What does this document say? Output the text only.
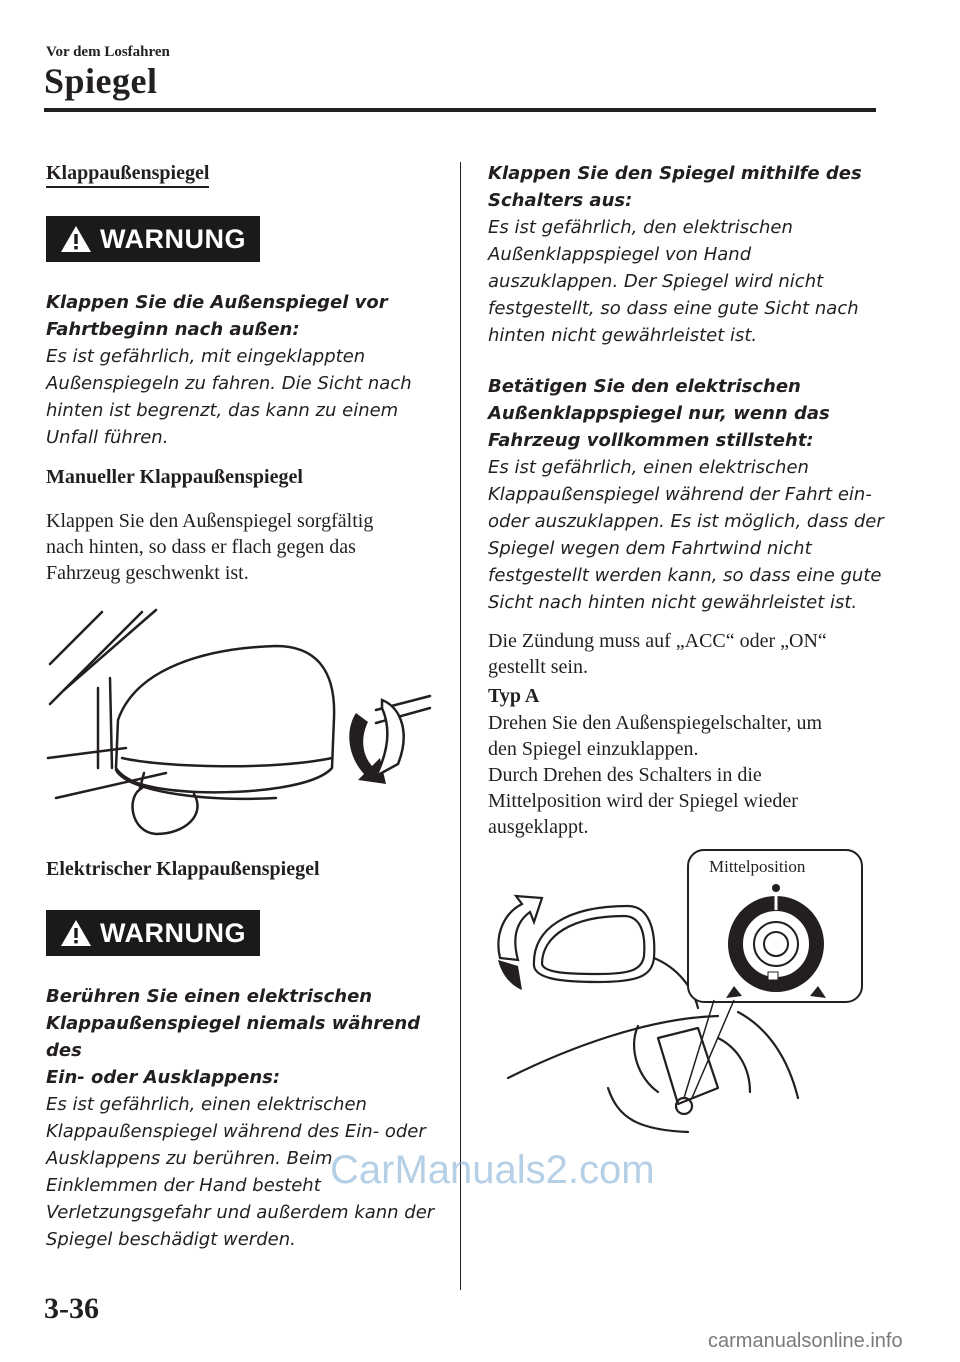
Vor dem Losfahren
Spiegel
Klappaußenspiegel
WARNUNG
Klappen Sie die Außenspiegel vor
Fahrtbeginn nach außen:
Es ist gefährlich, mit eingeklappten
Außenspiegeln zu fahren. Die Sicht nach
hinten ist begrenzt, das kann zu einem
Unfall führen.
Manueller Klappaußenspiegel
Klappen Sie den Außenspiegel sorgfältig
nach hinten, so dass er flach gegen das
Fahrzeug geschwenkt ist.
Elektrischer Klappaußenspiegel
WARNUNG
Berühren Sie einen elektrischen
Klappaußenspiegel niemals während des
Ein- oder Ausklappens:
Es ist gefährlich, einen elektrischen
Klappaußenspiegel während des Ein- oder
Ausklappens zu berühren. Beim
Einklemmen der Hand besteht
Verletzungsgefahr und außerdem kann der
Spiegel beschädigt werden.
Klappen Sie den Spiegel mithilfe des
Schalters aus:
Es ist gefährlich, den elektrischen
Außenklappspiegel von Hand
auszuklappen. Der Spiegel wird nicht
festgestellt, so dass eine gute Sicht nach
hinten nicht gewährleistet ist.
Betätigen Sie den elektrischen
Außenklappspiegel nur, wenn das
Fahrzeug vollkommen stillsteht:
Es ist gefährlich, einen elektrischen
Klappaußenspiegel während der Fahrt ein-
oder auszuklappen. Es ist möglich, dass der
Spiegel wegen dem Fahrtwind nicht
festgestellt werden kann, so dass eine gute
Sicht nach hinten nicht gewährleistet ist.
Die Zündung muss auf „ACC“ oder „ON“
gestellt sein.
Typ A
Drehen Sie den Außenspiegelschalter, um
den Spiegel einzuklappen.
Durch Drehen des Schalters in die
Mittelposition wird der Spiegel wieder
ausgeklappt.
Mittelposition
CarManuals2.com
3-36
carmanualsonline.info
